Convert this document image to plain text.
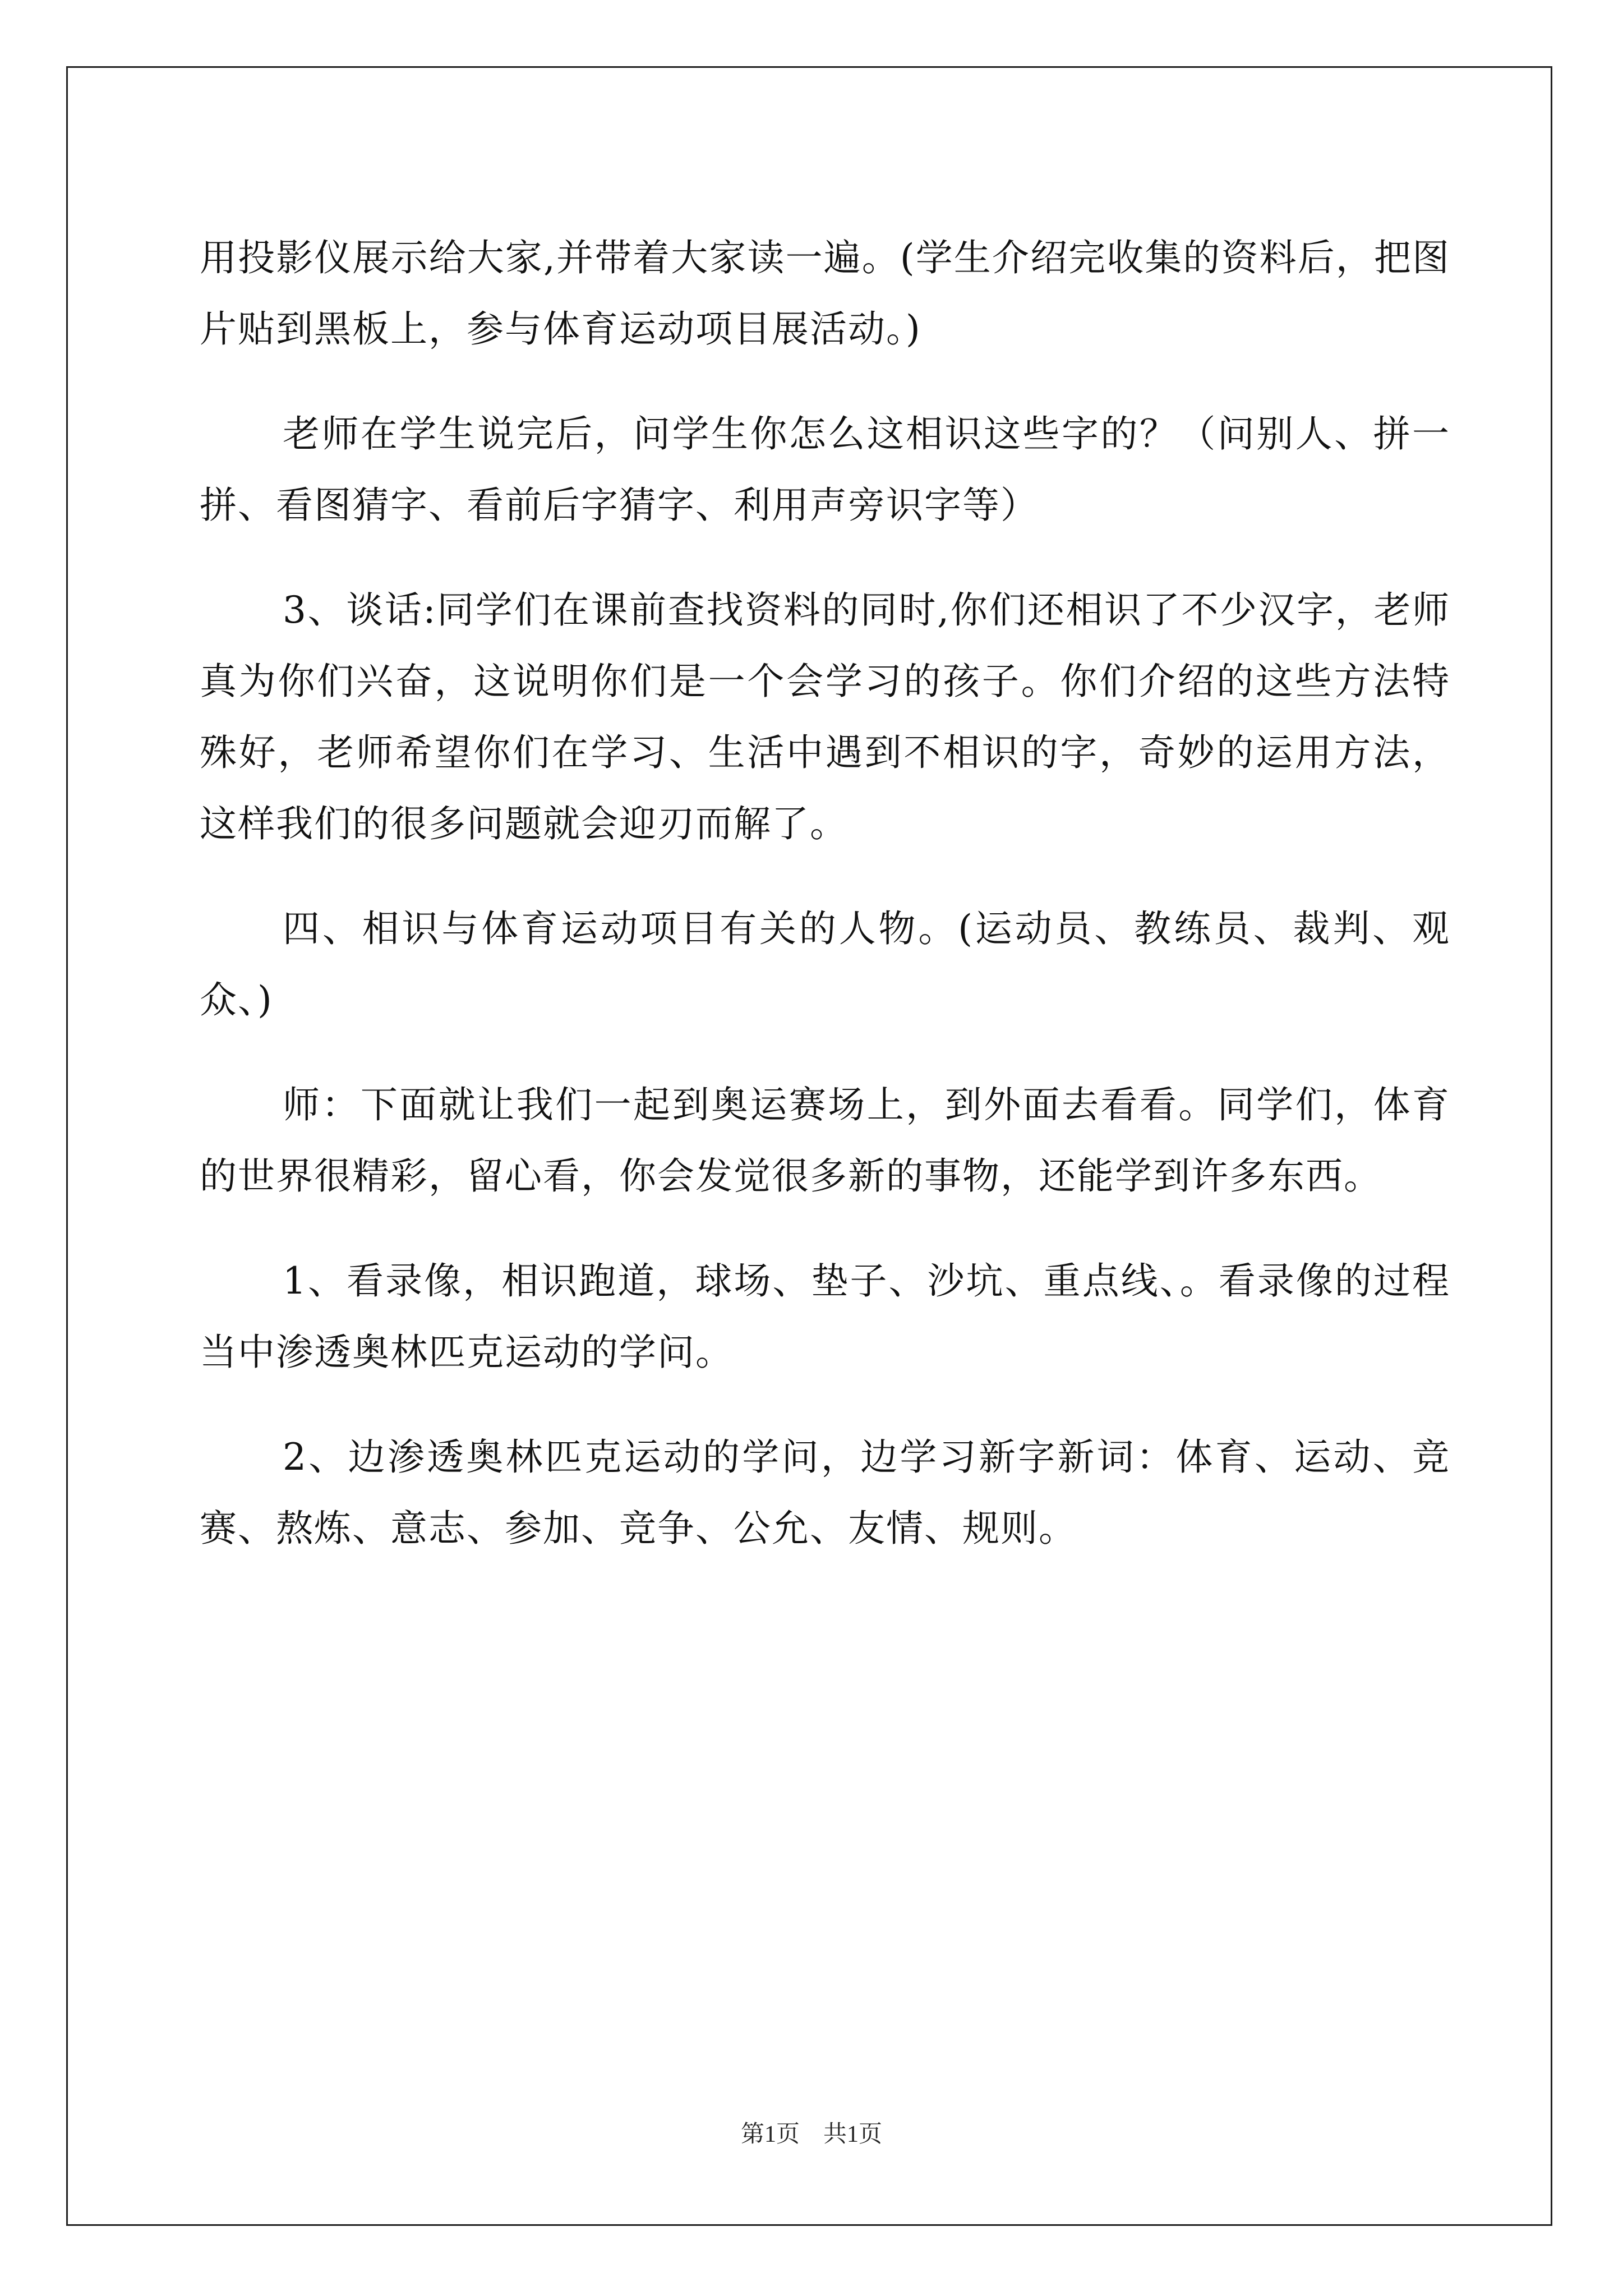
用投影仪展示给大家,并带着大家读一遍。(学生介绍完收集的资料后，把图片贴到黑板上，参与体育运动项目展活动。)

老师在学生说完后，问学生你怎么这相识这些字的？（问别人、拼一拼、看图猜字、看前后字猜字、利用声旁识字等）

3、谈话:同学们在课前查找资料的同时,你们还相识了不少汉字，老师真为你们兴奋，这说明你们是一个会学习的孩子。你们介绍的这些方法特殊好，老师希望你们在学习、生活中遇到不相识的字，奇妙的运用方法，这样我们的很多问题就会迎刃而解了。

四、相识与体育运动项目有关的人物。(运动员、教练员、裁判、观众、)

师：下面就让我们一起到奥运赛场上，到外面去看看。同学们，体育的世界很精彩，留心看，你会发觉很多新的事物，还能学到许多东西。

1、看录像，相识跑道，球场、垫子、沙坑、重点线、。看录像的过程当中渗透奥林匹克运动的学问。

2、边渗透奥林匹克运动的学问，边学习新字新词：体育、运动、竞赛、熬炼、意志、参加、竞争、公允、友情、规则。

第1页　共1页
